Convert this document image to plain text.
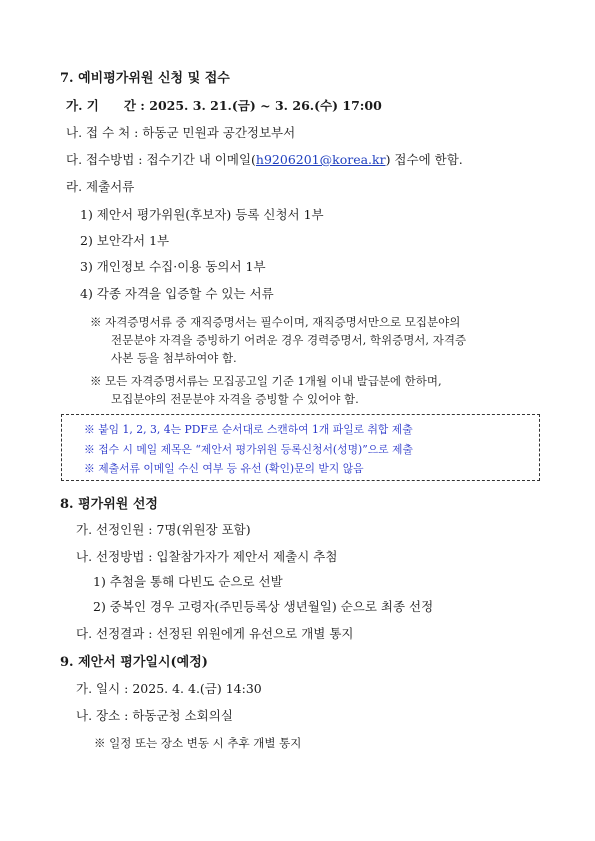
7. 예비평가위원 신청 및 접수
가. 기　　간 : 2025. 3. 21.(금) ~ 3. 26.(수) 17:00
나. 접 수 처 : 하동군 민원과 공간정보부서
다. 접수방법 : 접수기간 내 이메일(h9206201@korea.kr) 접수에 한함.
라. 제출서류
1) 제안서 평가위원(후보자) 등록 신청서 1부
2) 보안각서 1부
3) 개인정보 수집·이용 동의서 1부
4) 각종 자격을 입증할 수 있는 서류
※ 자격증명서류 중 재직증명서는 필수이며, 재직증명서만으로 모집분야의
전문분야 자격을 증빙하기 어려운 경우 경력증명서, 학위증명서, 자격증
사본 등을 첨부하여야 함.
※ 모든 자격증명서류는 모집공고일 기준 1개월 이내 발급분에 한하며,
모집분야의 전문분야 자격을 증빙할 수 있어야 함.
※ 붙임 1, 2, 3, 4는 PDF로 순서대로 스캔하여 1개 파일로 취합 제출
※ 접수 시 메일 제목은 “제안서 평가위원 등록신청서(성명)”으로 제출
※ 제출서류 이메일 수신 여부 등 유선 (확인)문의 받지 않음
8. 평가위원 선정
가. 선정인원 : 7명(위원장 포함)
나. 선정방법 : 입찰참가자가 제안서 제출시 추첨
1) 추첨을 통해 다빈도 순으로 선발
2) 중복인 경우 고령자(주민등록상 생년월일) 순으로 최종 선정
다. 선정결과 : 선정된 위원에게 유선으로 개별 통지
9. 제안서 평가일시(예정)
가. 일시 : 2025. 4. 4.(금) 14:30
나. 장소 : 하동군청 소회의실
※ 일정 또는 장소 변동 시 추후 개별 통지
